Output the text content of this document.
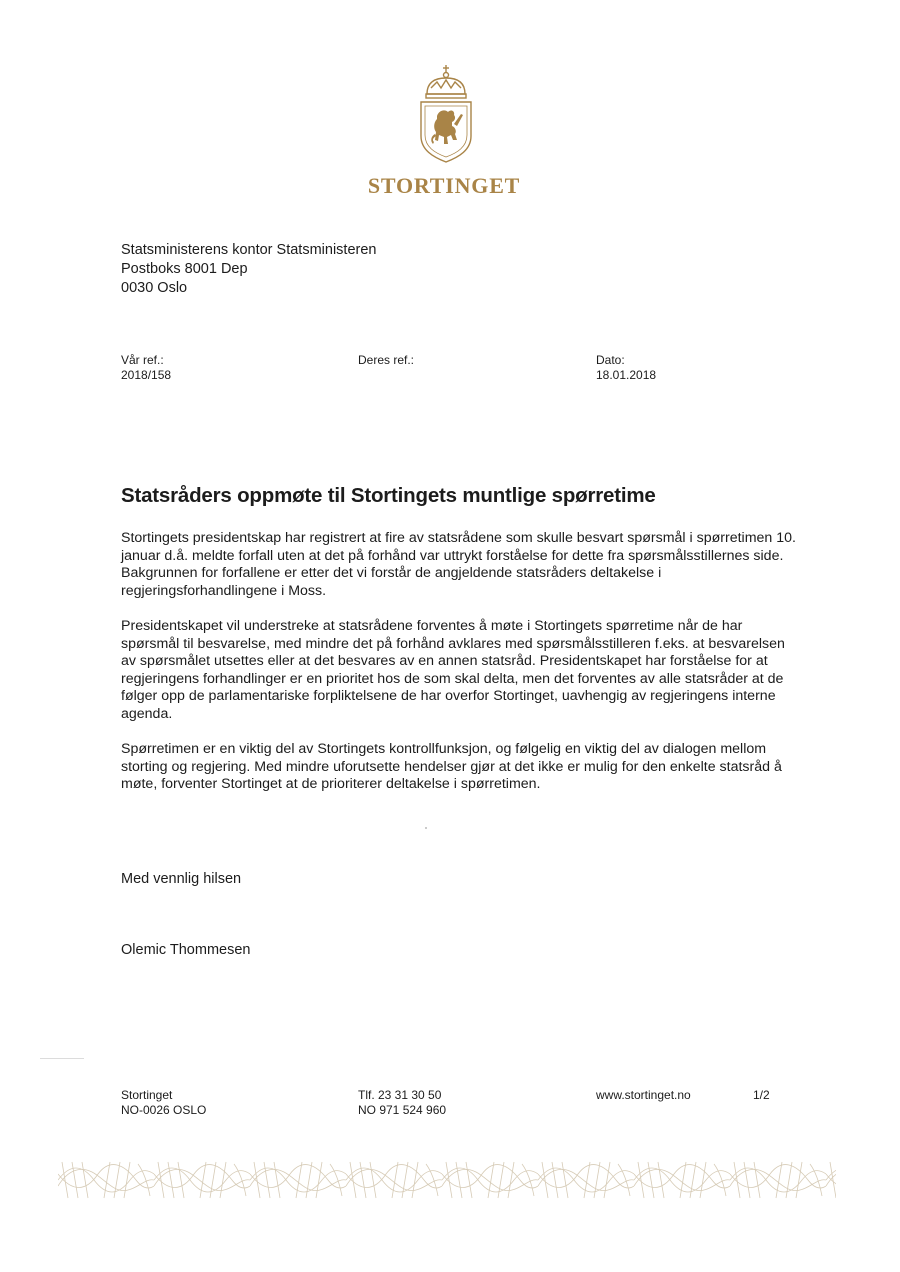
STORTINGET
Statsministerens kontor Statsministeren
Postboks 8001 Dep
0030 Oslo
Vår ref.:
2018/158
Deres ref.:	Dato:
18.01.2018
Statsråders oppmøte til Stortingets muntlige spørretime

Stortingets presidentskap har registrert at fire av statsrådene som skulle besvart spørsmål i spørretimen 10. januar d.å. meldte forfall uten at det på forhånd var uttrykt forståelse for dette fra spørsmålsstillernes side. Bakgrunnen for forfallene er etter det vi forstår de angjeldende statsråders deltakelse i regjeringsforhandlingene i Moss.

Presidentskapet vil understreke at statsrådene forventes å møte i Stortingets spørretime når de har spørsmål til besvarelse, med mindre det på forhånd avklares med spørsmålsstilleren f.eks. at besvarelsen av spørsmålet utsettes eller at det besvares av en annen statsråd. Presidentskapet har forståelse for at regjeringens forhandlinger er en prioritet hos de som skal delta, men det forventes av alle statsråder at de følger opp de parlamentariske forpliktelsene de har overfor Stortinget, uavhengig av regjeringens interne agenda.

Spørretimen er en viktig del av Stortingets kontrollfunksjon, og følgelig en viktig del av dialogen mellom storting og regjering. Med mindre uforutsette hendelser gjør at det ikke er mulig for den enkelte statsråd å møte, forventer Stortinget at de prioriterer deltakelse i spørretimen.

Med vennlig hilsen
Olemic Thommesen
Stortinget
NO-0026 OSLO
Tlf. 23 31 30 50
NO 971 524 960
www.stortinget.no	1/2
